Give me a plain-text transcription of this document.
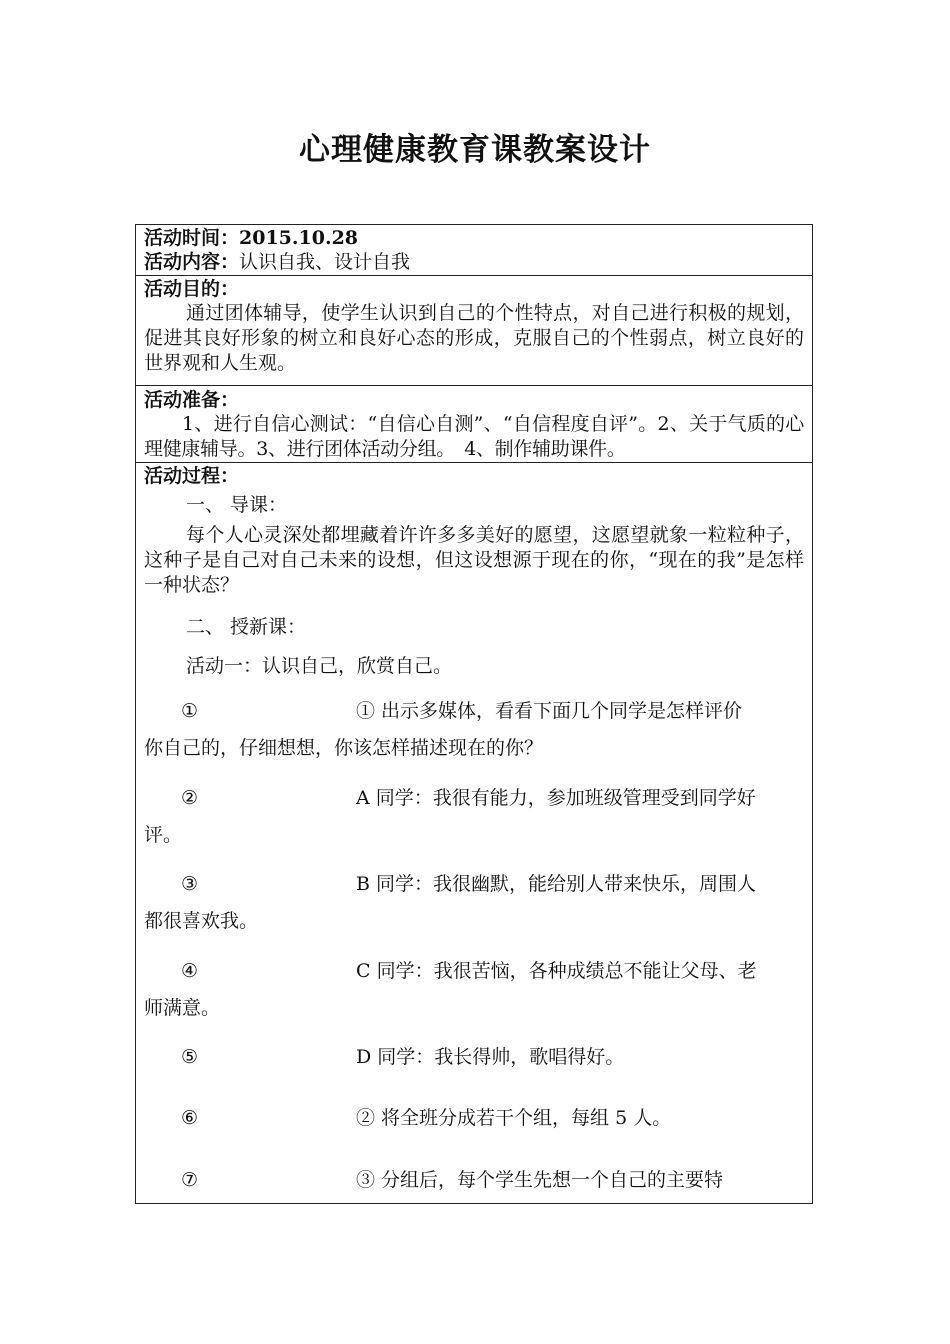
心理健康教育课教案设计
活动时间：2015.10.28
活动内容：认识自我、设计自我
活动目的：
通过团体辅导，使学生认识到自己的个性特点，对自己进行积极的规划，促进其良好形象的树立和良好心态的形成，克服自己的个性弱点，树立良好的世界观和人生观。
活动准备：
1、进行自信心测试：“自信心自测”、“自信程度自评”。2、关于气质的心理健康辅导。3、进行团体活动分组。　4、制作辅助课件。
活动过程：
一、 导课：
每个人心灵深处都埋藏着许许多多美好的愿望，这愿望就象一粒粒种子，这种子是自己对自己未来的设想，但这设想源于现在的你，“现在的我”是怎样一种状态？
二、 授新课：
活动一：认识自己，欣赏自己。
①	① 出示多媒体，看看下面几个同学是怎样评价
你自己的，仔细想想，你该怎样描述现在的你？
②	A 同学：我很有能力，参加班级管理受到同学好
评。
③	B 同学：我很幽默，能给别人带来快乐，周围人
都很喜欢我。
④	C 同学：我很苦恼，各种成绩总不能让父母、老
师满意。
⑤	D 同学：我长得帅，歌唱得好。
⑥	② 将全班分成若干个组，每组 5 人。
⑦	③ 分组后，每个学生先想一个自己的主要特
